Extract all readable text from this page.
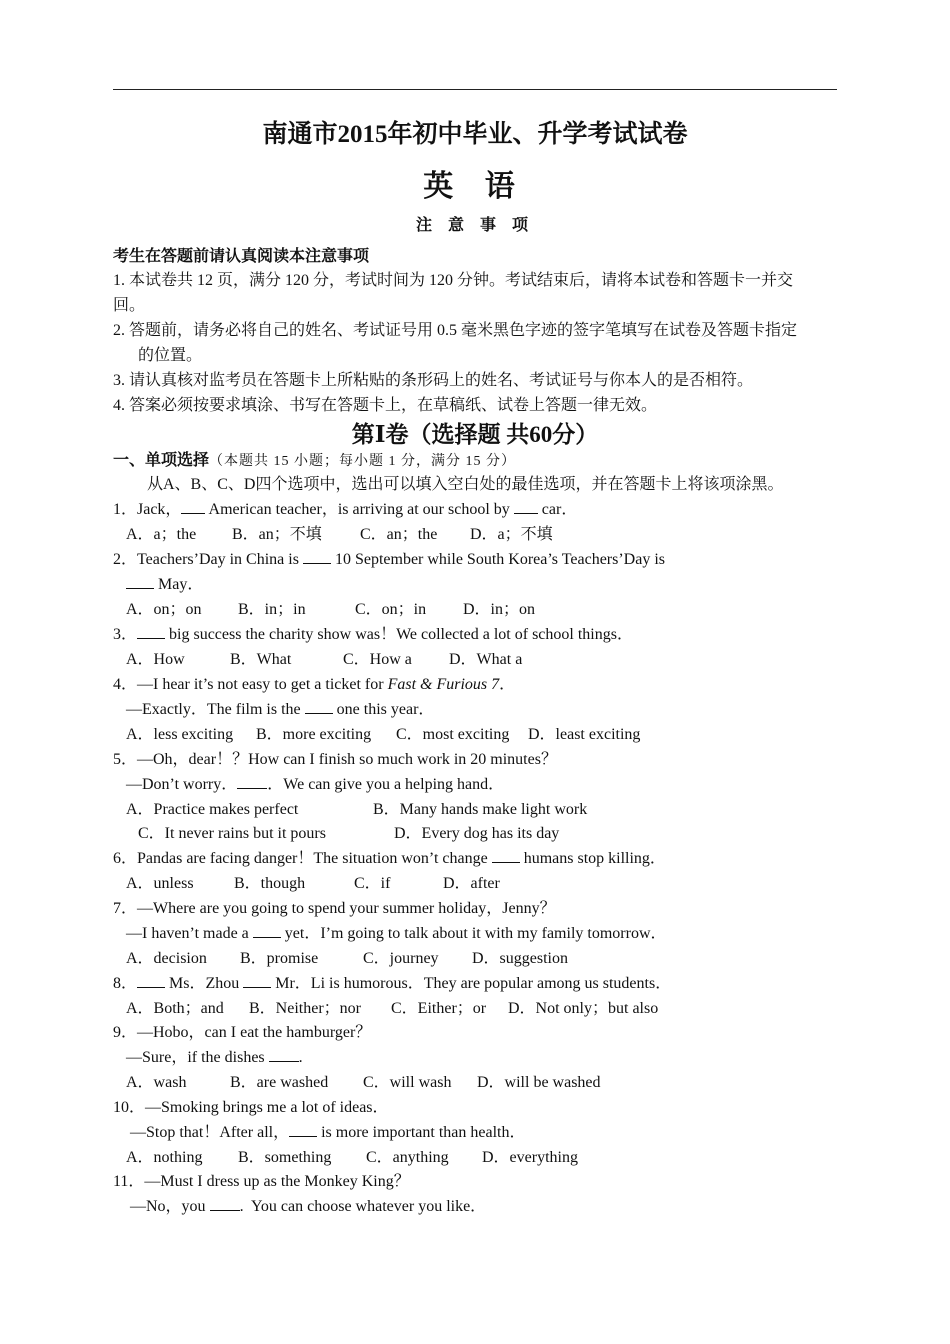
南通市2015年初中毕业、升学考试试卷
英 语
注 意 事 项
考生在答题前请认真阅读本注意事项
1. 本试卷共 12 页，满分 120 分，考试时间为 120 分钟。考试结束后，请将本试卷和答题卡一并交
回。
2. 答题前，请务必将自己的姓名、考试证号用 0.5 毫米黑色字迹的签字笔填写在试卷及答题卡指定
的位置。
3. 请认真核对监考员在答题卡上所粘贴的条形码上的姓名、考试证号与你本人的是否相符。
4. 答案必须按要求填涂、书写在答题卡上，在草稿纸、试卷上答题一律无效。
第Ⅰ卷（选择题 共60分）
一、单项选择（本题共 15 小题；每小题 1 分，满分 15 分）
从A、B、C、D四个选项中，选出可以填入空白处的最佳选项，并在答题卡上将该项涂黑。
1．Jack， American teacher，is arriving at our school by  car．
A．a；the B．an；不填 C．an；the D．a；不填
2．Teachers’Day in China is  10 September while South Korea’s Teachers’Day is
May．
A．on；on B．in；in	C．on；in D．in；on
3． big success the charity show was！We collected a lot of school things．
A．How	B．What	C．How a D．What a
4．—I hear it’s not easy to get a ticket for Fast & Furious 7．
—Exactly．The film is the  one this year．
A．less exciting B．more exciting C．most exciting D．least exciting
5．—Oh，dear！？How can I finish so much work in 20 minutes？
—Don’t worry． ．We can give you a helping hand．
A．Practice makes perfect	B．Many hands make light work
C．It never rains but it pours	D．Every dog has its day
6．Pandas are facing danger！The situation won’t change  humans stop killing．
A．unless	B．though	C．if	D．after
7．—Where are you going to spend your summer holiday，Jenny？
—I haven’t made a  yet．I’m going to talk about it with my family tomorrow．
A．decision B．promise	C．journey D．suggestion
8． Ms．Zhou  Mr．Li is humorous．They are popular among us students．
A．Both；and B．Neither；nor C．Either；or D．Not only；but also
9．—Hobo，can I eat the hamburger？
—Sure，if the dishes .
A．wash	B．are washed C．will wash D．will be washed
10．—Smoking brings me a lot of ideas．
—Stop that！After all， is more important than health．
A．nothing B．something C．anything D．everything
11．—Must I dress up as the Monkey King？
—No，you .  You can choose whatever you like．
